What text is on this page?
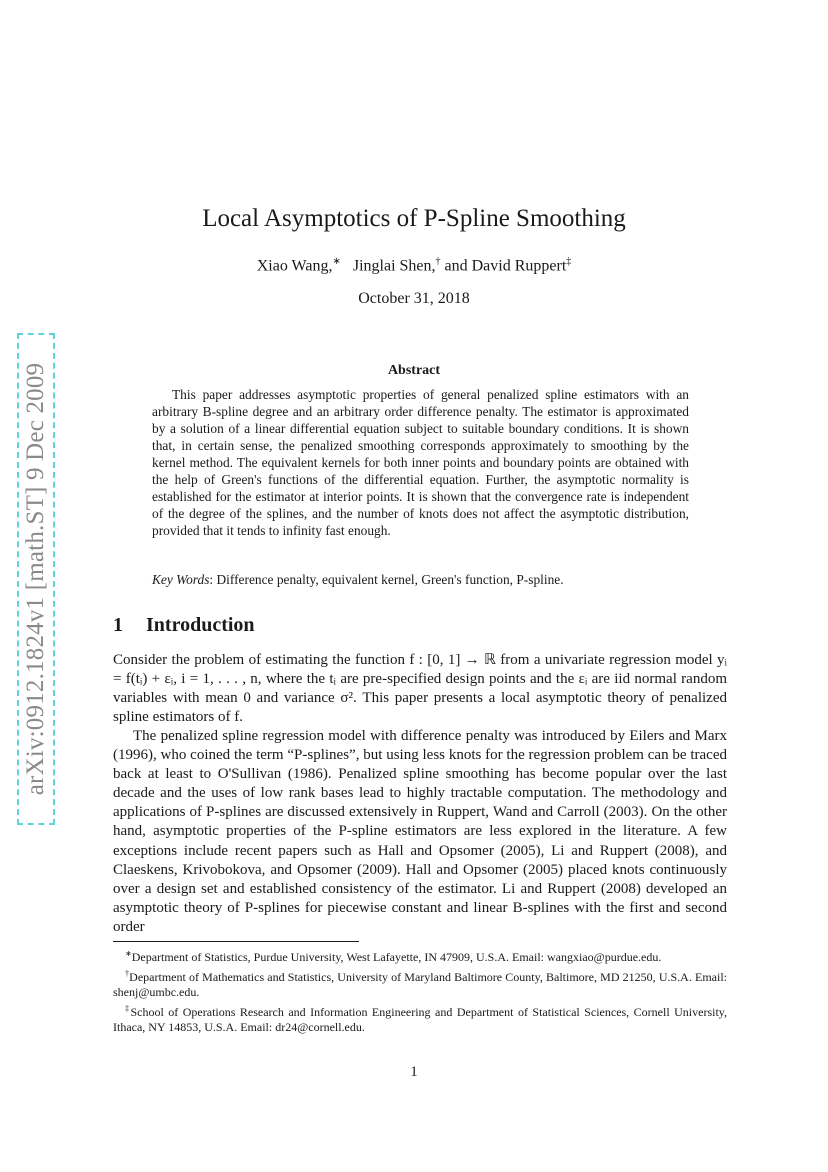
arXiv:0912.1824v1 [math.ST] 9 Dec 2009
Local Asymptotics of P-Spline Smoothing
Xiao Wang,∗ Jinglai Shen,† and David Ruppert‡
October 31, 2018
Abstract
This paper addresses asymptotic properties of general penalized spline estimators with an arbitrary B-spline degree and an arbitrary order difference penalty. The estimator is approximated by a solution of a linear differential equation subject to suitable boundary conditions. It is shown that, in certain sense, the penalized smoothing corresponds approximately to smoothing by the kernel method. The equivalent kernels for both inner points and boundary points are obtained with the help of Green's functions of the differential equation. Further, the asymptotic normality is established for the estimator at interior points. It is shown that the convergence rate is independent of the degree of the splines, and the number of knots does not affect the asymptotic distribution, provided that it tends to infinity fast enough.
Key Words: Difference penalty, equivalent kernel, Green's function, P-spline.
1 Introduction
Consider the problem of estimating the function f : [0, 1] → ℝ from a univariate regression model yᵢ = f(tᵢ) + εᵢ, i = 1, . . . , n, where the tᵢ are pre-specified design points and the εᵢ are iid normal random variables with mean 0 and variance σ². This paper presents a local asymptotic theory of penalized spline estimators of f.
The penalized spline regression model with difference penalty was introduced by Eilers and Marx (1996), who coined the term “P-splines”, but using less knots for the regression problem can be traced back at least to O'Sullivan (1986). Penalized spline smoothing has become popular over the last decade and the uses of low rank bases lead to highly tractable computation. The methodology and applications of P-splines are discussed extensively in Ruppert, Wand and Carroll (2003). On the other hand, asymptotic properties of the P-spline estimators are less explored in the literature. A few exceptions include recent papers such as Hall and Opsomer (2005), Li and Ruppert (2008), and Claeskens, Krivobokova, and Opsomer (2009). Hall and Opsomer (2005) placed knots continuously over a design set and established consistency of the estimator. Li and Ruppert (2008) developed an asymptotic theory of P-splines for piecewise constant and linear B-splines with the first and second order

∗Department of Statistics, Purdue University, West Lafayette, IN 47909, U.S.A. Email: wangxiao@purdue.edu.

†Department of Mathematics and Statistics, University of Maryland Baltimore County, Baltimore, MD 21250, U.S.A. Email: shenj@umbc.edu.

‡School of Operations Research and Information Engineering and Department of Statistical Sciences, Cornell University, Ithaca, NY 14853, U.S.A. Email: dr24@cornell.edu.

1
